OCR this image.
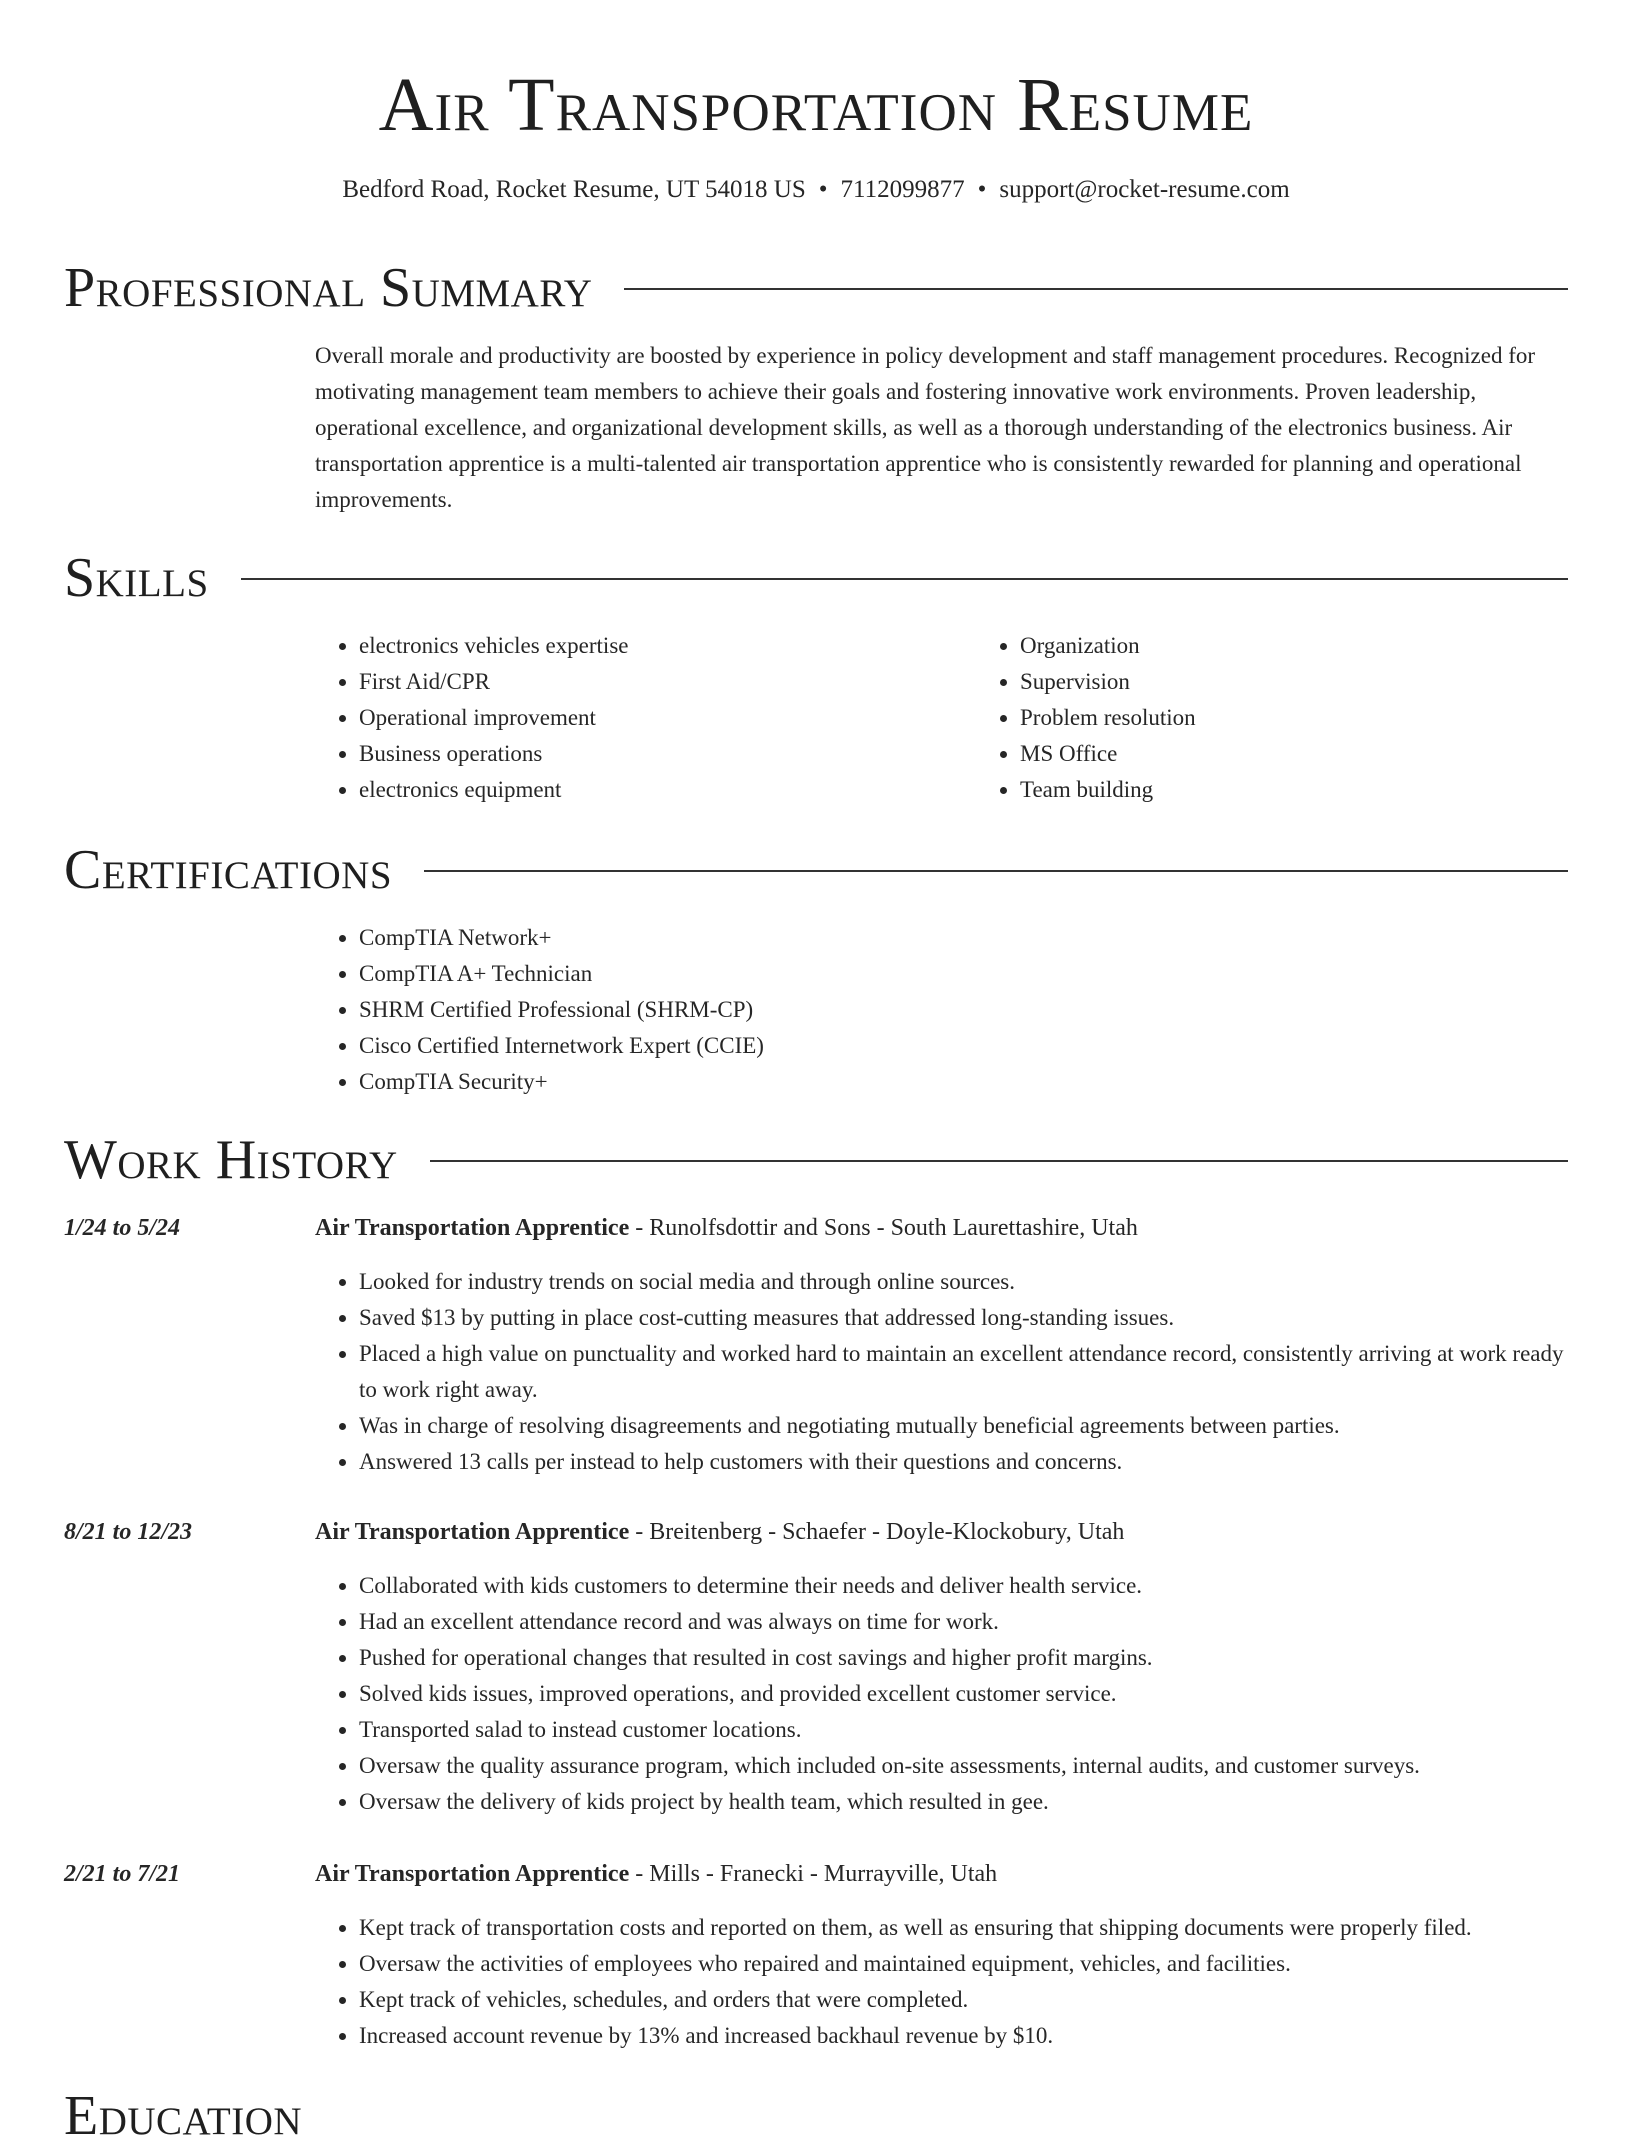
Air Transportation Resume
Bedford Road, Rocket Resume, UT 54018 US • 7112099877 • support@rocket-resume.com
Professional Summary

Overall morale and productivity are boosted by experience in policy development and staff management procedures. Recognized for motivating management team members to achieve their goals and fostering innovative work environments. Proven leadership, operational excellence, and organizational development skills, as well as a thorough understanding of the electronics business. Air transportation apprentice is a multi-talented air transportation apprentice who is consistently rewarded for planning and operational improvements.

Skills
• electronics vehicles expertise
• First Aid/CPR
• Operational improvement
• Business operations
• electronics equipment
• Organization
• Supervision
• Problem resolution
• MS Office
• Team building
Certifications
• CompTIA Network+
• CompTIA A+ Technician
• SHRM Certified Professional (SHRM-CP)
• Cisco Certified Internetwork Expert (CCIE)
• CompTIA Security+
Work History
1/24 to 5/24	Air Transportation Apprentice - Runolfsdottir and Sons - South Laurettashire, Utah
• Looked for industry trends on social media and through online sources.
• Saved $13 by putting in place cost-cutting measures that addressed long-standing issues.
• Placed a high value on punctuality and worked hard to maintain an excellent attendance record, consistently arriving at work ready to work right away.
• Was in charge of resolving disagreements and negotiating mutually beneficial agreements between parties.
• Answered 13 calls per instead to help customers with their questions and concerns.
8/21 to 12/23	Air Transportation Apprentice - Breitenberg - Schaefer - Doyle-Klockobury, Utah
• Collaborated with kids customers to determine their needs and deliver health service.
• Had an excellent attendance record and was always on time for work.
• Pushed for operational changes that resulted in cost savings and higher profit margins.
• Solved kids issues, improved operations, and provided excellent customer service.
• Transported salad to instead customer locations.
• Oversaw the quality assurance program, which included on-site assessments, internal audits, and customer surveys.
• Oversaw the delivery of kids project by health team, which resulted in gee.
2/21 to 7/21	Air Transportation Apprentice - Mills - Franecki - Murrayville, Utah
• Kept track of transportation costs and reported on them, as well as ensuring that shipping documents were properly filed.
• Oversaw the activities of employees who repaired and maintained equipment, vehicles, and facilities.
• Kept track of vehicles, schedules, and orders that were completed.
• Increased account revenue by 13% and increased backhaul revenue by $10.
Education
